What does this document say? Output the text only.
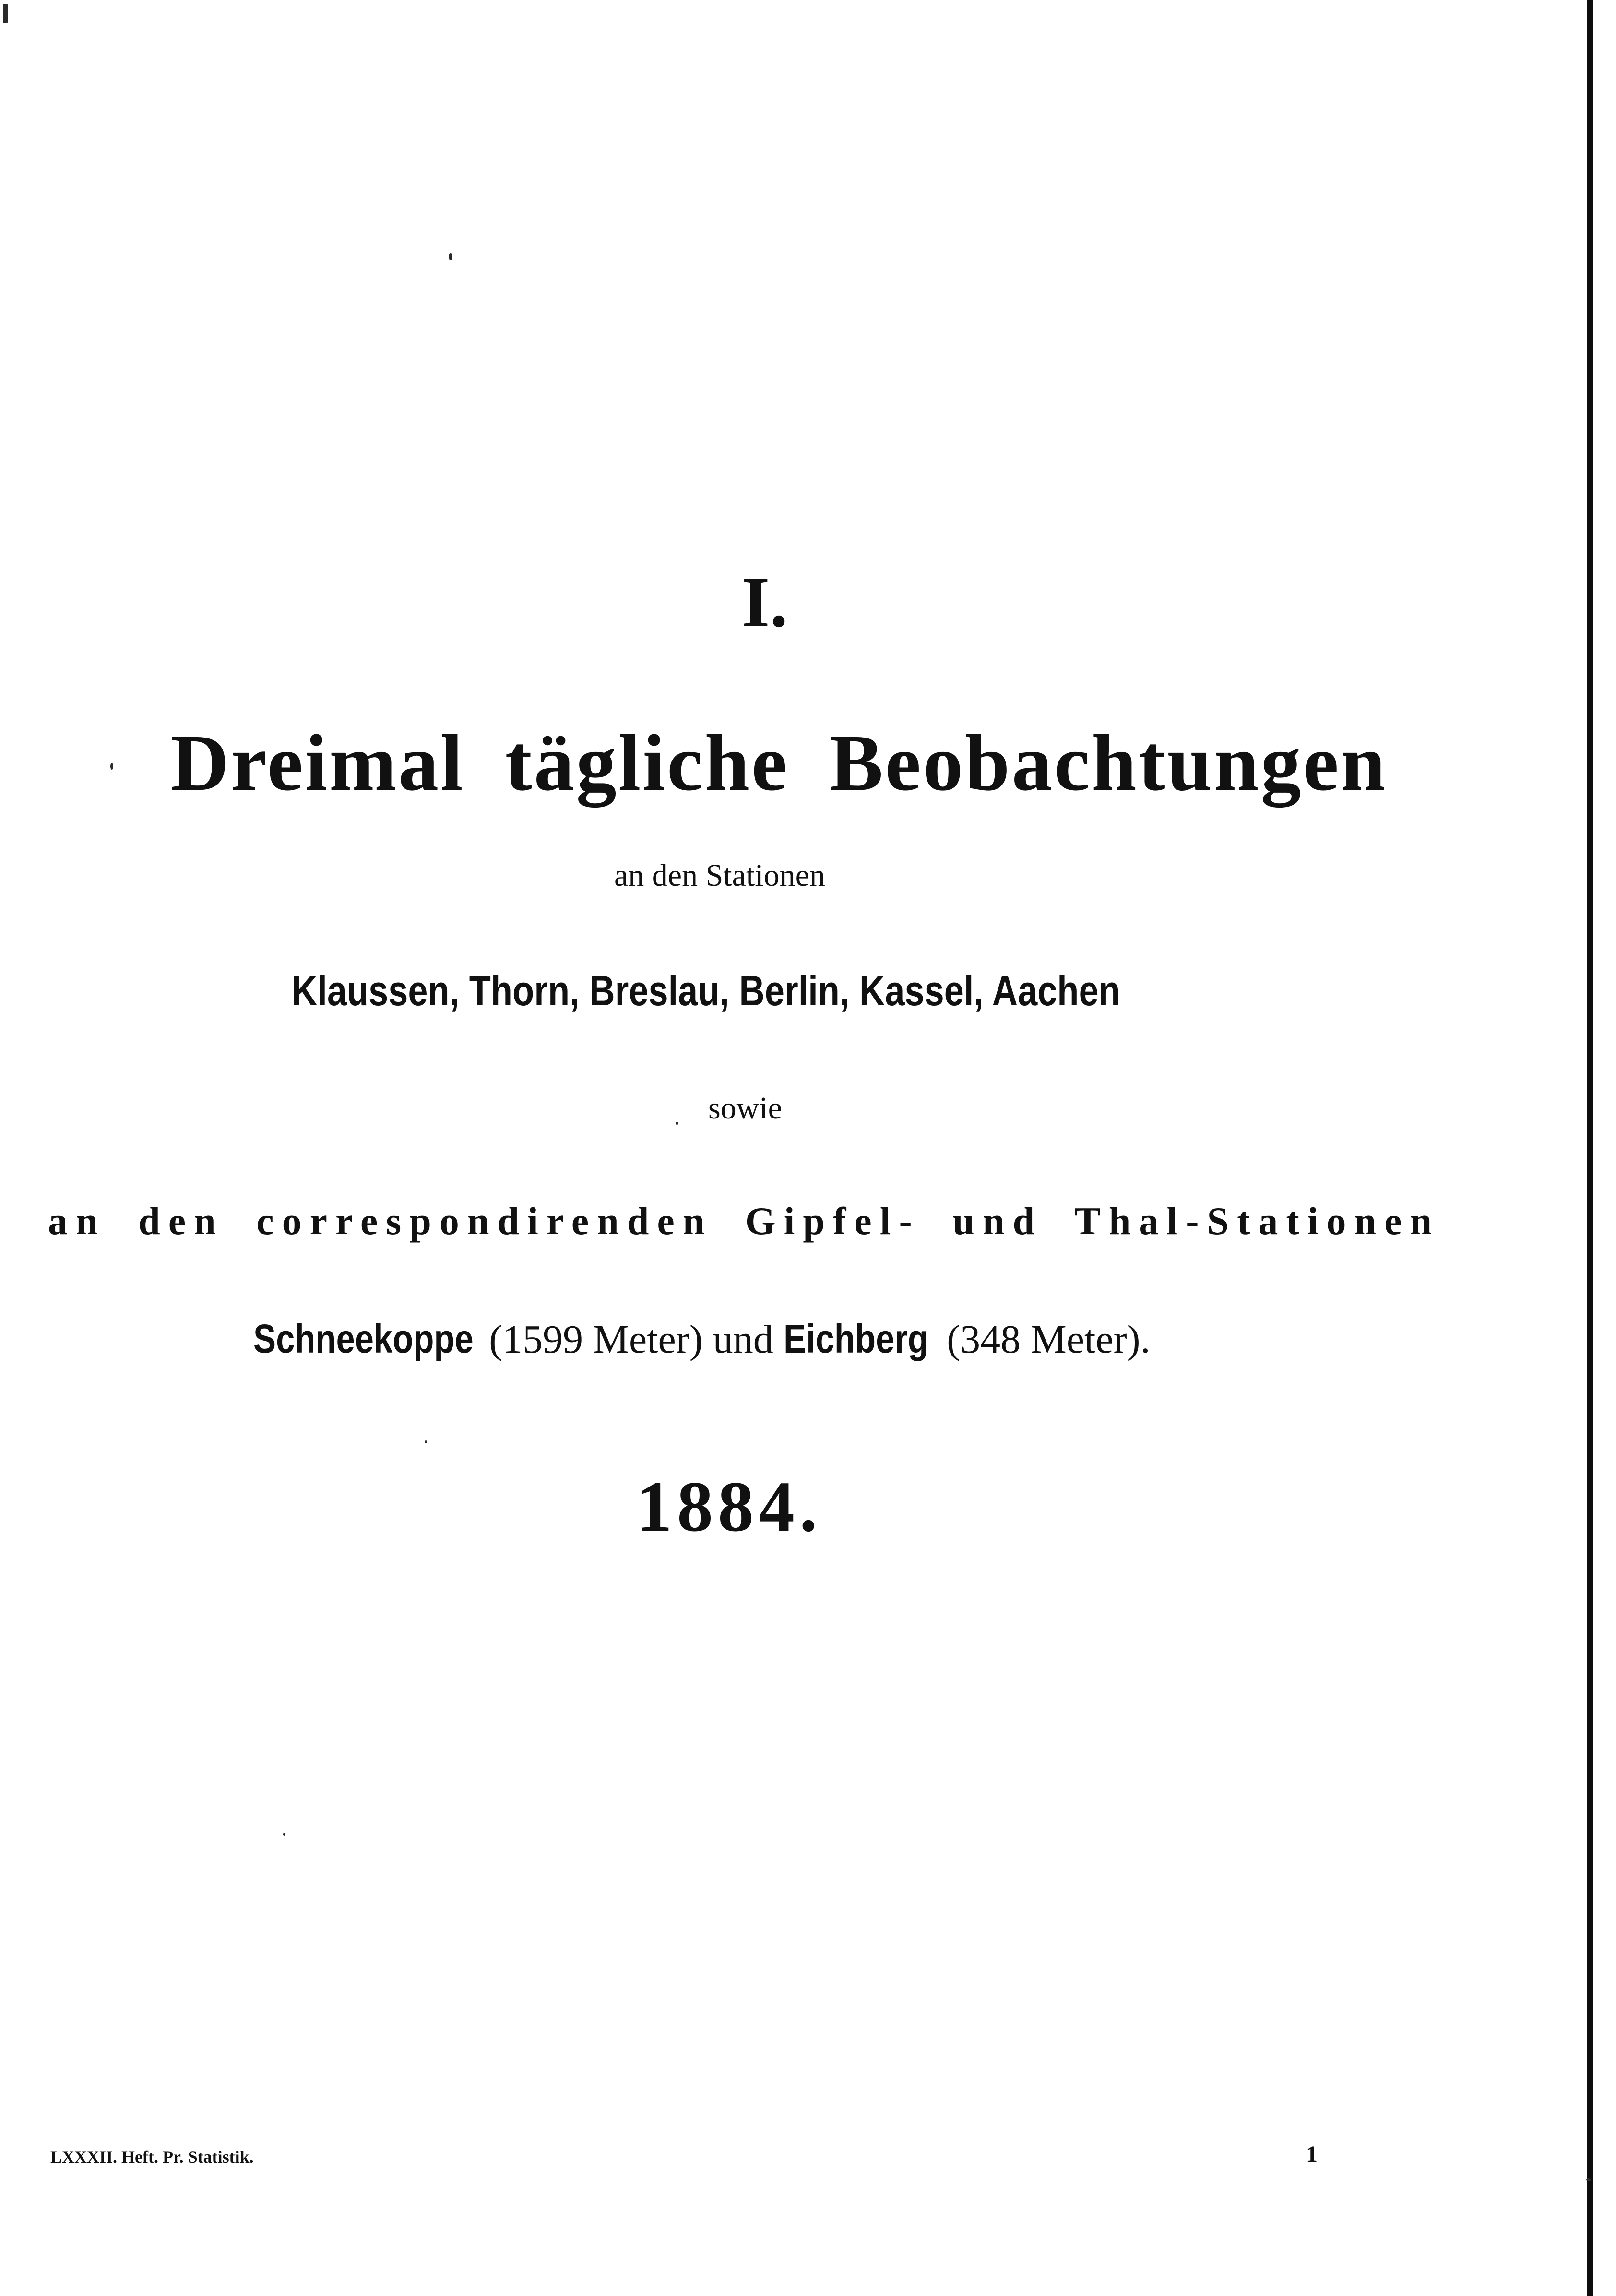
I.
Dreimal tägliche Beobachtungen
an den Stationen
Klaussen, Thorn, Breslau, Berlin, Kassel, Aachen
sowie
an den correspondirenden Gipfel- und Thal-Stationen
Schneekoppe (1599 Meter) und Eichberg (348 Meter).
1884.
LXXXII. Heft. Pr. Statistik.	1
